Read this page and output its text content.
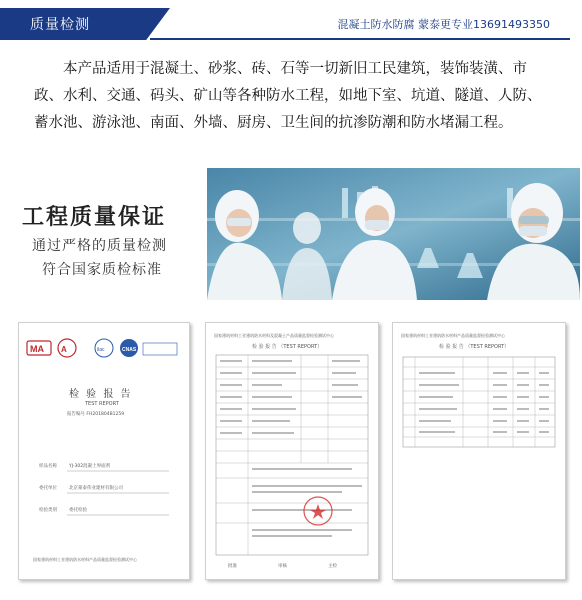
质量检测	混凝土防水防腐 蒙泰更专业13691493350
本产品适用于混凝土、砂浆、砖、石等一切新旧工民建筑，装饰装潢、市政、水利、交通、码头、矿山等各种防水工程，如地下室、坑道、隧道、人防、蓄水池、游泳池、南面、外墙、厨房、卫生间的抗渗防潮和防水堵漏工程。
工程质量保证
通过严格的质量检测
符合国家质检标准
MA A	ilac	CNAS
检 验 报 告
TEST REPORT
报告编号 FH201804B1259
样品名称	YJ-302混凝土界面剂
委托单位	北京蒙泰伟业建材有限公司
检验类别	委托检验
国家建筑材料工业建筑防水材料产品质量监督检验测试中心
国家建筑材料工业建筑防水材料及混凝土产品质量监督检验测试中心
检 验 报 告 （TEST REPORT）
批准	审核	主检
国家建筑材料工业建筑防水材料产品质量监督检验测试中心
检 验 报 告 （TEST REPORT）
